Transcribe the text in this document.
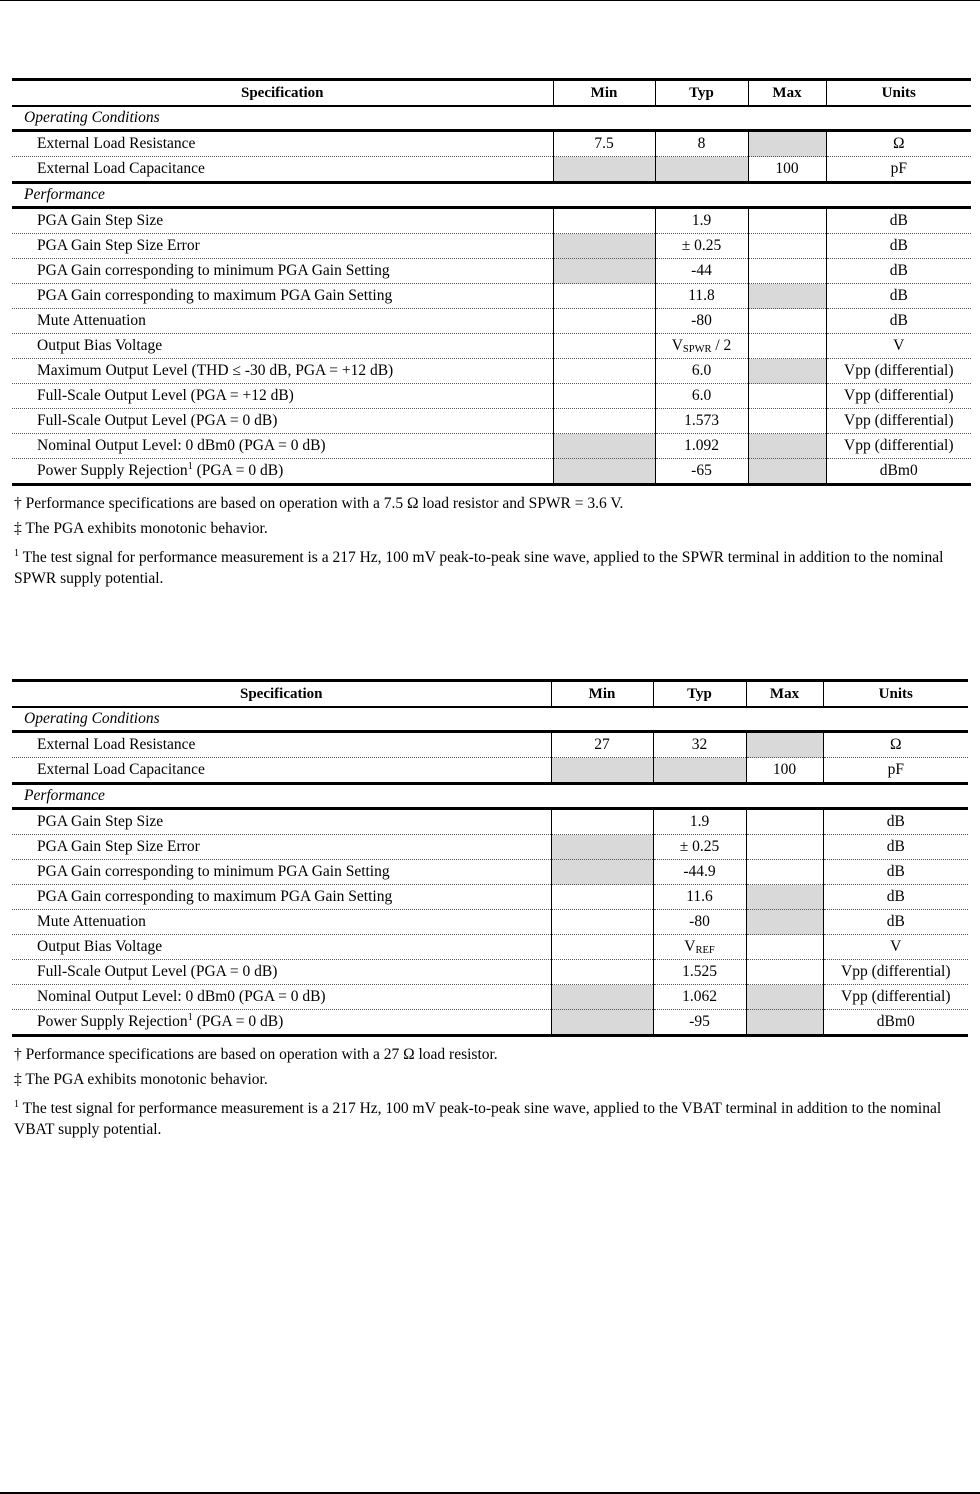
Specification	Min	Typ	Max	Units
Operating Conditions				
External Load Resistance	7.5	8		Ω
External Load Capacitance			100	pF
Performance				
PGA Gain Step Size		1.9		dB
PGA Gain Step Size Error		± 0.25		dB
PGA Gain corresponding to minimum PGA Gain Setting		-44		dB
PGA Gain corresponding to maximum PGA Gain Setting		11.8		dB
Mute Attenuation		-80		dB
Output Bias Voltage		VSPWR / 2		V
Maximum Output Level (THD ≤ -30 dB, PGA = +12 dB)		6.0		Vpp (differential)
Full-Scale Output Level (PGA = +12 dB)		6.0		Vpp (differential)
Full-Scale Output Level (PGA = 0 dB)		1.573		Vpp (differential)
Nominal Output Level: 0 dBm0 (PGA = 0 dB)		1.092		Vpp (differential)
Power Supply Rejection$^1$ (PGA = 0 dB)		-65		dBm0

† Performance specifications are based on operation with a 7.5 Ω load resistor and SPWR = 3.6 V.

‡ The PGA exhibits monotonic behavior.

$^1$ The test signal for performance measurement is a 217 Hz, 100 mV peak-to-peak sine wave, applied to the SPWR terminal in addition to the nominal SPWR supply potential.

Specification	Min	Typ	Max	Units
Operating Conditions				
External Load Resistance	27	32		Ω
External Load Capacitance			100	pF
Performance				
PGA Gain Step Size		1.9		dB
PGA Gain Step Size Error		± 0.25		dB
PGA Gain corresponding to minimum PGA Gain Setting		-44.9		dB
PGA Gain corresponding to maximum PGA Gain Setting		11.6		dB
Mute Attenuation		-80		dB
Output Bias Voltage		VREF		V
Full-Scale Output Level (PGA = 0 dB)		1.525		Vpp (differential)
Nominal Output Level: 0 dBm0 (PGA = 0 dB)		1.062		Vpp (differential)
Power Supply Rejection$^1$ (PGA = 0 dB)		-95		dBm0

† Performance specifications are based on operation with a 27 Ω load resistor.

‡ The PGA exhibits monotonic behavior.

$^1$ The test signal for performance measurement is a 217 Hz, 100 mV peak-to-peak sine wave, applied to the VBAT terminal in addition to the nominal VBAT supply potential.
